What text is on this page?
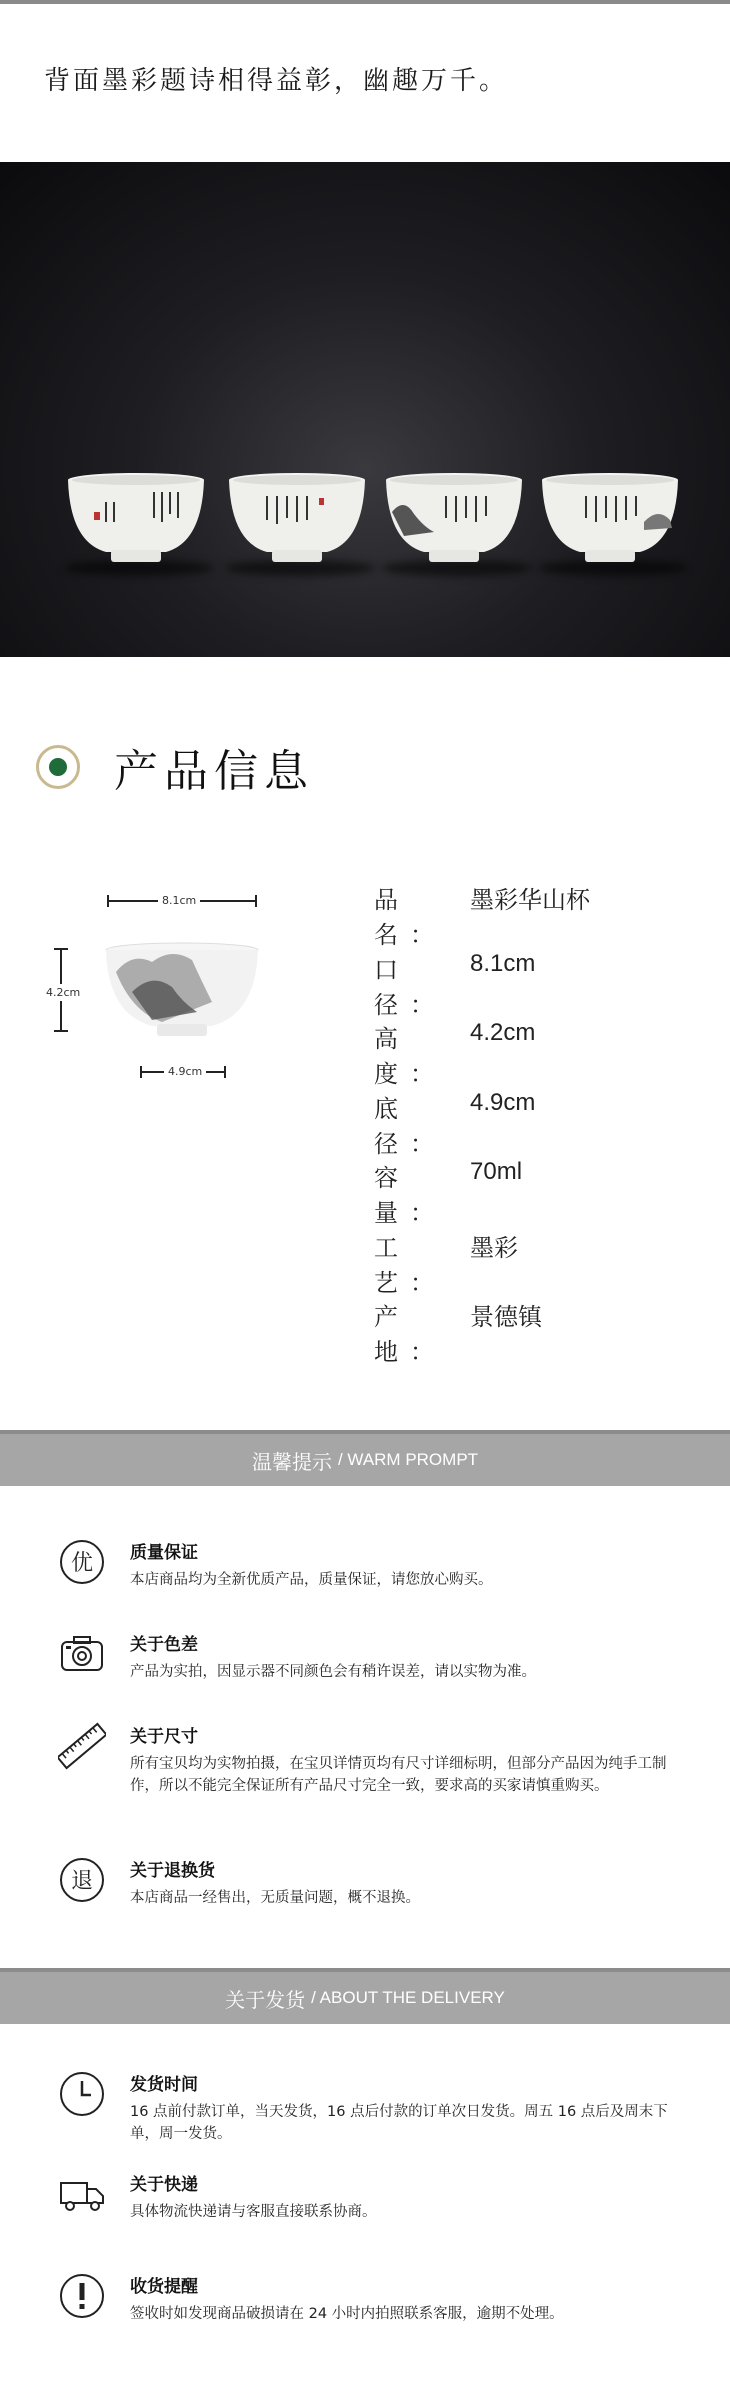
背面墨彩题诗相得益彰，幽趣万千。
产品信息
8.1cm
4.2cm
4.9cm
品名：
墨彩华山杯
口径：
8.1cm
高度：
4.2cm
底径：
4.9cm
容量：
70ml
工艺：
墨彩
产地：
景德镇
温馨提示 / WARM PROMPT
优 质量保证

本店商品均为全新优质产品，质量保证，请您放心购买。

关于色差

产品为实拍，因显示器不同颜色会有稍许误差，请以实物为准。

关于尺寸

所有宝贝均为实物拍摄，在宝贝详情页均有尺寸详细标明，但部分产品因为纯手工制作，所以不能完全保证所有产品尺寸完全一致，要求高的买家请慎重购买。

退 关于退换货

本店商品一经售出，无质量问题，概不退换。

关于发货 / ABOUT THE DELIVERY
发货时间

16 点前付款订单，当天发货，16 点后付款的订单次日发货。周五 16 点后及周末下单，周一发货。

关于快递

具体物流快递请与客服直接联系协商。

收货提醒

签收时如发现商品破损请在 24 小时内拍照联系客服，逾期不处理。
